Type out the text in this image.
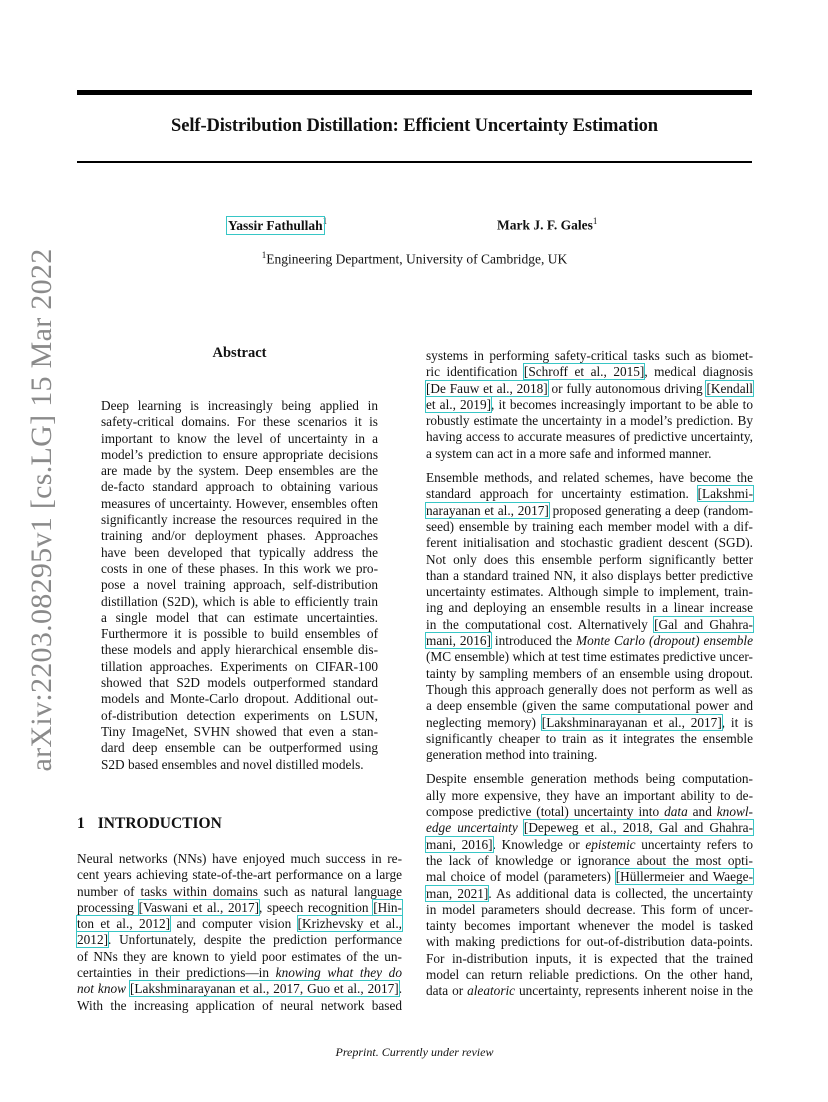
arXiv:2203.08295v1 [cs.LG] 15 Mar 2022
Self-Distribution Distillation: Efficient Uncertainty Estimation
Yassir Fathullah$^1$	Mark J. F. Gales$^1$
$^1$Engineering Department, University of Cambridge, UK
Abstract
Deep learning is increasingly being applied in
safety-critical domains. For these scenarios it is
important to know the level of uncertainty in a
model’s prediction to ensure appropriate decisions
are made by the system. Deep ensembles are the
de-facto standard approach to obtaining various
measures of uncertainty. However, ensembles often
significantly increase the resources required in the
training and/or deployment phases. Approaches
have been developed that typically address the
costs in one of these phases. In this work we pro-
pose a novel training approach, self-distribution
distillation (S2D), which is able to efficiently train
a single model that can estimate uncertainties.
Furthermore it is possible to build ensembles of
these models and apply hierarchical ensemble dis-
tillation approaches. Experiments on CIFAR-100
showed that S2D models outperformed standard
models and Monte-Carlo dropout. Additional out-
of-distribution detection experiments on LSUN,
Tiny ImageNet, SVHN showed that even a stan-
dard deep ensemble can be outperformed using
S2D based ensembles and novel distilled models.
1 INTRODUCTION
Neural networks (NNs) have enjoyed much success in re-
cent years achieving state-of-the-art performance on a large
number of tasks within domains such as natural language
processing [Vaswani et al., 2017], speech recognition [Hin-
ton et al., 2012] and computer vision [Krizhevsky et al.,
2012]. Unfortunately, despite the prediction performance
of NNs they are known to yield poor estimates of the un-
certainties in their predictions—in knowing what they do
not know [Lakshminarayanan et al., 2017, Guo et al., 2017].
With the increasing application of neural network based

systems in performing safety-critical tasks such as biomet-
ric identification [Schroff et al., 2015], medical diagnosis
[De Fauw et al., 2018] or fully autonomous driving [Kendall
et al., 2019], it becomes increasingly important to be able to
robustly estimate the uncertainty in a model’s prediction. By
having access to accurate measures of predictive uncertainty,
a system can act in a more safe and informed manner.

Ensemble methods, and related schemes, have become the
standard approach for uncertainty estimation. [Lakshmi-
narayanan et al., 2017] proposed generating a deep (random-
seed) ensemble by training each member model with a dif-
ferent initialisation and stochastic gradient descent (SGD).
Not only does this ensemble perform significantly better
than a standard trained NN, it also displays better predictive
uncertainty estimates. Although simple to implement, train-
ing and deploying an ensemble results in a linear increase
in the computational cost. Alternatively [Gal and Ghahra-
mani, 2016] introduced the Monte Carlo (dropout) ensemble
(MC ensemble) which at test time estimates predictive uncer-
tainty by sampling members of an ensemble using dropout.
Though this approach generally does not perform as well as
a deep ensemble (given the same computational power and
neglecting memory) [Lakshminarayanan et al., 2017], it is
significantly cheaper to train as it integrates the ensemble
generation method into training.

Despite ensemble generation methods being computation-
ally more expensive, they have an important ability to de-
compose predictive (total) uncertainty into data and knowl-
edge uncertainty [Depeweg et al., 2018, Gal and Ghahra-
mani, 2016]. Knowledge or epistemic uncertainty refers to
the lack of knowledge or ignorance about the most opti-
mal choice of model (parameters) [Hüllermeier and Waege-
man, 2021]. As additional data is collected, the uncertainty
in model parameters should decrease. This form of uncer-
tainty becomes important whenever the model is tasked
with making predictions for out-of-distribution data-points.
For in-distribution inputs, it is expected that the trained
model can return reliable predictions. On the other hand,
data or aleatoric uncertainty, represents inherent noise in the

Preprint. Currently under review
